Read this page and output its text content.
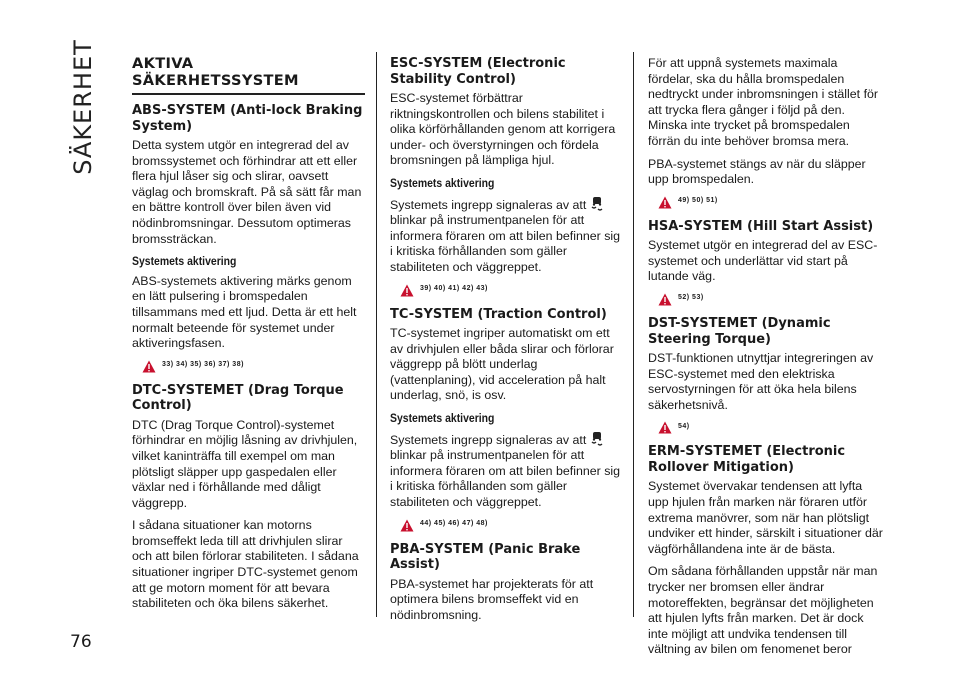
SÄKERHET
76
AKTIVA SÄKERHETSSYSTEM
ABS-SYSTEM (Anti-lock Braking System)

Detta system utgör en integrerad del av bromssystemet och förhindrar att ett eller flera hjul låser sig och slirar, oavsett väglag och bromskraft. På så sätt får man en bättre kontroll över bilen även vid nödinbromsningar. Dessutom optimeras bromssträckan.

Systemets aktivering

ABS-systemets aktivering märks genom en lätt pulsering i bromspedalen tillsammans med ett ljud. Detta är ett helt normalt beteende för systemet under aktiveringsfasen.

33) 34) 35) 36) 37) 38)
DTC-SYSTEMET (Drag Torque Control)

DTC (Drag Torque Control)-systemet förhindrar en möjlig låsning av drivhjulen, vilket kaninträffa till exempel om man plötsligt släpper upp gaspedalen eller växlar ned i förhållande med dåligt väggrepp.

I sådana situationer kan motorns bromseffekt leda till att drivhjulen slirar och att bilen förlorar stabiliteten. I sådana situationer ingriper DTC-systemet genom att ge motorn moment för att bevara stabiliteten och öka bilens säkerhet.

ESC-SYSTEM (Electronic Stability Control)

ESC-systemet förbättrar riktningskontrollen och bilens stabilitet i olika körförhållanden genom att korrigera under- och överstyrningen och fördela bromsningen på lämpliga hjul.

Systemets aktivering

Systemets ingrepp signaleras av att blinkar på instrumentpanelen för att informera föraren om att bilen befinner sig i kritiska förhållanden som gäller stabiliteten och väggreppet.

39) 40) 41) 42) 43)
TC-SYSTEM (Traction Control)

TC-systemet ingriper automatiskt om ett av drivhjulen eller båda slirar och förlorar väggrepp på blött underlag (vattenplaning), vid acceleration på halt underlag, snö, is osv.

Systemets aktivering

Systemets ingrepp signaleras av att blinkar på instrumentpanelen för att informera föraren om att bilen befinner sig i kritiska förhållanden som gäller stabiliteten och väggreppet.

44) 45) 46) 47) 48)
PBA-SYSTEM (Panic Brake Assist)

PBA-systemet har projekterats för att optimera bilens bromseffekt vid en nödinbromsning.

För att uppnå systemets maximala fördelar, ska du hålla bromspedalen nedtryckt under inbromsningen i stället för att trycka flera gånger i följd på den. Minska inte trycket på bromspedalen förrän du inte behöver bromsa mera.

PBA-systemet stängs av när du släpper upp bromspedalen.

49) 50) 51)
HSA-SYSTEM (Hill Start Assist)

Systemet utgör en integrerad del av ESC-systemet och underlättar vid start på lutande väg.

52) 53)
DST-SYSTEMET (Dynamic Steering Torque)

DST-funktionen utnyttjar integreringen av ESC-systemet med den elektriska servostyrningen för att öka hela bilens säkerhetsnivå.

54)
ERM-SYSTEMET (Electronic Rollover Mitigation)

Systemet övervakar tendensen att lyfta upp hjulen från marken när föraren utför extrema manövrer, som när han plötsligt undviker ett hinder, särskilt i situationer där vägförhållandena inte är de bästa.

Om sådana förhållanden uppstår när man trycker ner bromsen eller ändrar motoreffekten, begränsar det möjligheten att hjulen lyfts från marken. Det är dock inte möjligt att undvika tendensen till vältning av bilen om fenomenet beror
